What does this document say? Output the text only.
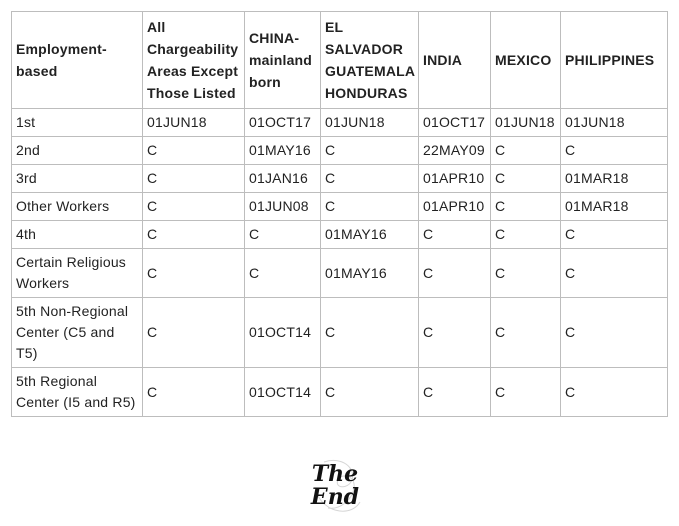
Employment-based	All Chargeability Areas Except Those Listed	CHINA-mainland born	EL SALVADOR GUATEMALA HONDURAS	INDIA	MEXICO	PHILIPPINES
1st	01JUN18	01OCT17	01JUN18	01OCT17	01JUN18	01JUN18
2nd	C	01MAY16	C	22MAY09	C	C
3rd	C	01JAN16	C	01APR10	C	01MAR18
Other Workers	C	01JUN08	C	01APR10	C	01MAR18
4th	C	C	01MAY16	C	C	C
Certain Religious Workers	C	C	01MAY16	C	C	C
5th Non-Regional Center (C5 and T5)	C	01OCT14	C	C	C	C
5th Regional Center (I5 and R5)	C	01OCT14	C	C	C	C
The
End
